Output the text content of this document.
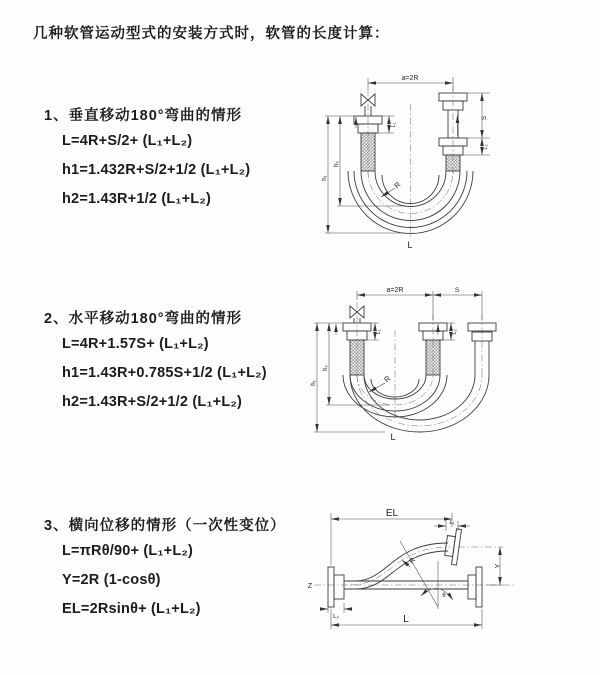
几种软管运动型式的安装方式时，软管的长度计算：
1、垂直移动180°弯曲的情形
L=4R+S/2+ (L₁+L₂)
h1=1.432R+S/2+1/2 (L₁+L₂)
h2=1.43R+1/2 (L₁+L₂)
2、水平移动180°弯曲的情形
L=4R+1.57S+ (L₁+L₂)
h1=1.43R+0.785S+1/2 (L₁+L₂)
h2=1.43R+S/2+1/2 (L₁+L₂)
3、横向位移的情形（一次性变位）
L=πRθ/90+ (L₁+L₂)
Y=2R (1-cosθ)
EL=2Rsinθ+ (L₁+L₂)
a=2R
h₂
h₁
S
L₂
L₁
R
L
a=2R	S
h₂
h₁
L₁	L₂
R
L
EL
L₁
Y
R
θ
L
L₂
Z
